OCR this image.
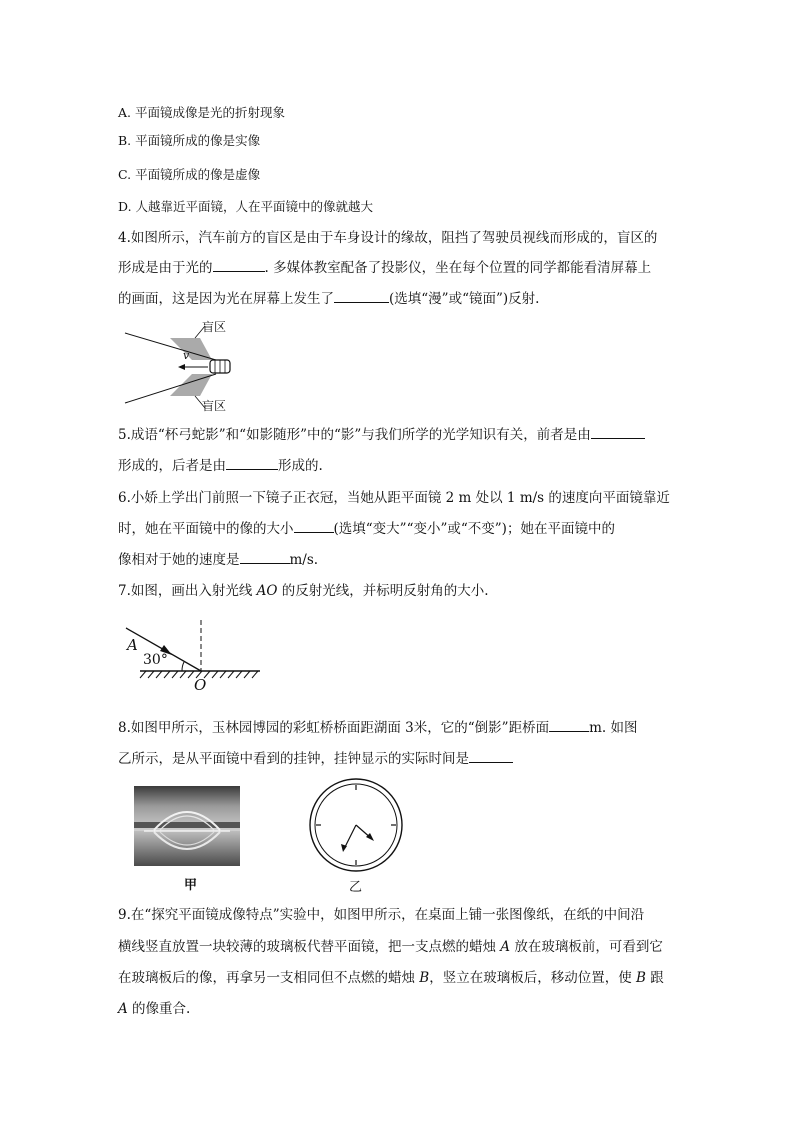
A. 平面镜成像是光的折射现象
B. 平面镜所成的像是实像
C. 平面镜所成的像是虚像
D. 人越靠近平面镜，人在平面镜中的像就越大
4.如图所示，汽车前方的盲区是由于车身设计的缘故，阻挡了驾驶员视线而形成的，盲区的
形成是由于光的	. 多媒体教室配备了投影仪，坐在每个位置的同学都能看清屏幕上
的画面，这是因为光在屏幕上发生了	(选填“漫”或“镜面”)反射.
盲区
盲区
v
5.成语“杯弓蛇影”和“如影随形”中的“影”与我们所学的光学知识有关，前者是由
形成的，后者是由	形成的.
6.小娇上学出门前照一下镜子正衣冠，当她从距平面镜 2 m 处以 1 m/s 的速度向平面镜靠近
时，她在平面镜中的像的大小	(选填“变大”“变小”或“不变”)；她在平面镜中的
像相对于她的速度是	m/s.
7.如图，画出入射光线 AO 的反射光线，并标明反射角的大小.
A
30°
O
8.如图甲所示，玉林园博园的彩虹桥桥面距湖面 3米，它的“倒影”距桥面	m. 如图
乙所示，是从平面镜中看到的挂钟，挂钟显示的实际时间是
甲	乙
9.在“探究平面镜成像特点”实验中，如图甲所示，在桌面上铺一张图像纸，在纸的中间沿
横线竖直放置一块较薄的玻璃板代替平面镜，把一支点燃的蜡烛 A 放在玻璃板前，可看到它
在玻璃板后的像，再拿另一支相同但不点燃的蜡烛 B，竖立在玻璃板后，移动位置，使 B 跟
A 的像重合.
